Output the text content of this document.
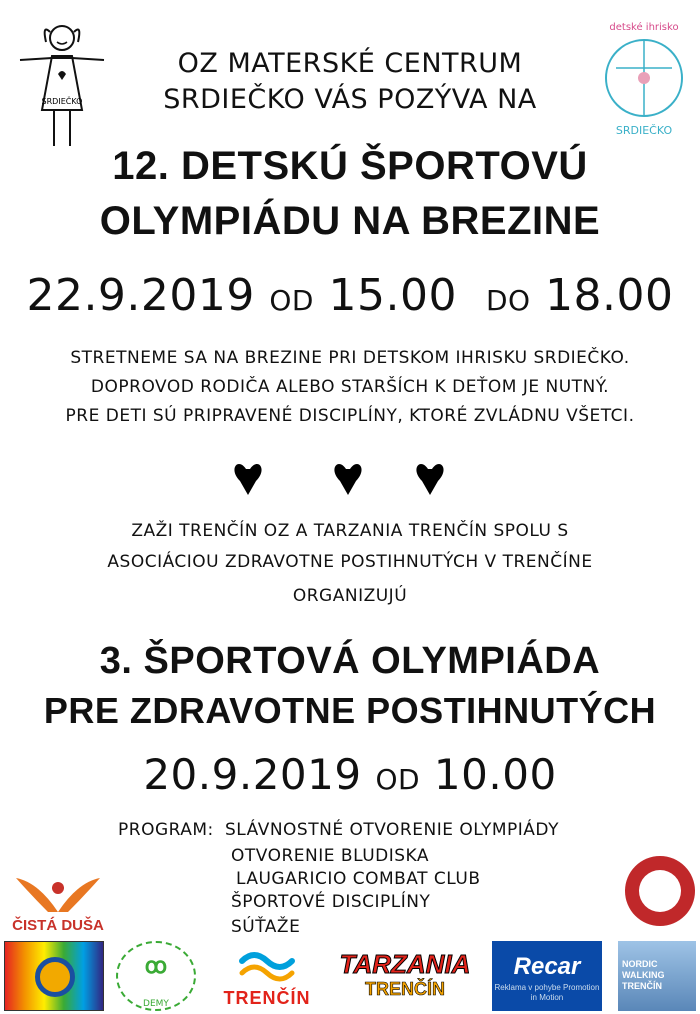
SRDIEČKO
detské ihrisko
SRDIEČKO
OZ MATERSKÉ CENTRUM
SRDIEČKO VÁS POZÝVA NA
12. DETSKÚ ŠPORTOVÚ
OLYMPIÁDU NA BREZINE
22.9.2019 OD 15.00 DO 18.00
STRETNEME SA NA BREZINE PRI DETSKOM IHRISKU SRDIEČKO.
DOPROVOD RODIČA ALEBO STARŠÍCH K DEŤOM JE NUTNÝ.
PRE DETI SÚ PRIPRAVENÉ DISCIPLÍNY, KTORÉ ZVLÁDNU VŠETCI.
ZAŽI TRENČÍN OZ A TARZANIA TRENČÍN SPOLU S
ASOCIÁCIOU ZDRAVOTNE POSTIHNUTÝCH V TRENČÍNE
ORGANIZUJÚ
3. ŠPORTOVÁ OLYMPIÁDA
PRE ZDRAVOTNE POSTIHNUTÝCH
20.9.2019 OD 10.00
PROGRAM: SLÁVNOSTNÉ OTVORENIE OLYMPIÁDY
OTVORENIE BLUDISKA
LAUGARICIO COMBAT CLUB
ŠPORTOVÉ DISCIPLÍNY
SÚŤAŽE
ČISTÁ DUŠA
ꝏ
DEMY	TRENČÍN
TARZANIA
TRENČÍN
Recar
Reklama v pohybe Promotion in Motion
NORDIC WALKING TRENČÍN
